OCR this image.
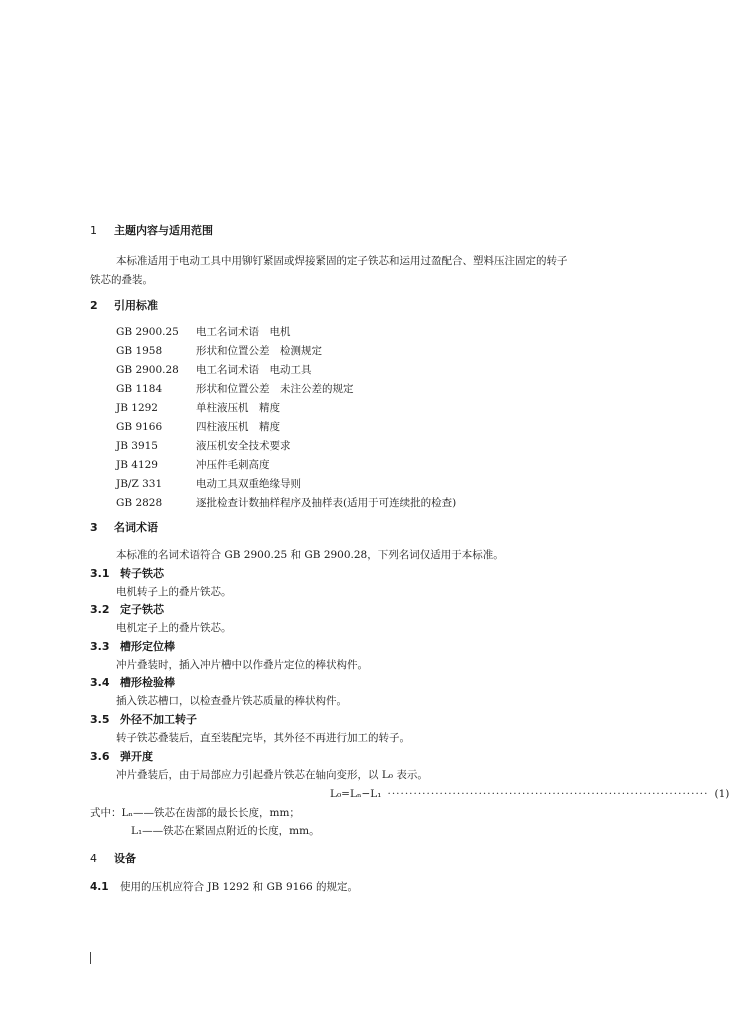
1 主题内容与适用范围
本标准适用于电动工具中用铆钉紧固或焊接紧固的定子铁芯和运用过盈配合、塑料压注固定的转子
铁芯的叠装。
2 引用标准
GB 2900.25 电工名词术语　电机
GB 1958	形状和位置公差　检测规定
GB 2900.28 电工名词术语　电动工具
GB 1184	形状和位置公差　未注公差的规定
JB 1292	单柱液压机　精度
GB 9166	四柱液压机　精度
JB 3915	液压机安全技术要求
JB 4129	冲压件毛刺高度
JB/Z 331	电动工具双重绝缘导则
GB 2828	逐批检查计数抽样程序及抽样表(适用于可连续批的检查)
3 名词术语
本标准的名词术语符合 GB 2900.25 和 GB 2900.28，下列名词仅适用于本标准。
3.1 转子铁芯
电机转子上的叠片铁芯。
3.2 定子铁芯
电机定子上的叠片铁芯。
3.3 槽形定位棒
冲片叠装时，插入冲片槽中以作叠片定位的棒状构件。
3.4 槽形检验棒
插入铁芯槽口，以检查叠片铁芯质量的棒状构件。
3.5 外径不加工转子
转子铁芯叠装后，直至装配完毕，其外径不再进行加工的转子。
3.6 弹开度
冲片叠装后，由于局部应力引起叠片铁芯在轴向变形，以 L₀ 表示。
L₀=Lₙ−L₁ ·········································································· (1)
式中：Lₙ——铁芯在齿部的最长长度，mm；
L₁——铁芯在紧固点附近的长度，mm。
4 设备
4.1 使用的压机应符合 JB 1292 和 GB 9166 的规定。
